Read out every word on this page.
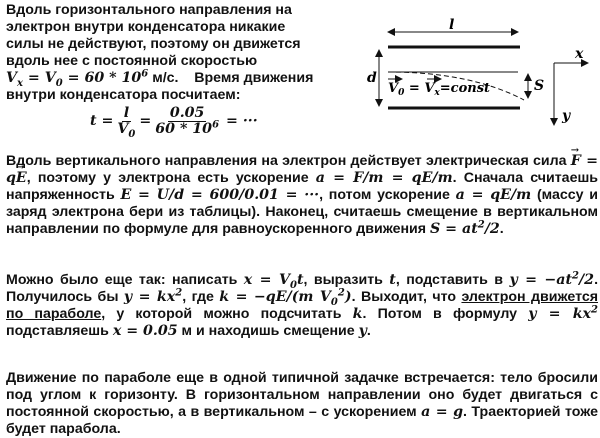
Вдоль горизонтального направления на
электрон внутри конденсатора никакие
силы не действуют, поэтому он движется
вдоль нее с постоянной скоростью
$V_x = V_0 = 60 * 10^6$ м/с. Время движения
внутри конденсатора посчитаем:
$t = \frac{l}{V_0} = \frac{0.05}{60 * 10^6}$ = ···
l
d
$V_0$ = $V_x=const$	S
x
y

Вдоль вертикального направления на электрон действует электрическая сила → F = q→ E, поэтому у электрона есть ускорение a = F/m = qE/m. Сначала считаешь напряженность E = U/d = 600/0.01 = ···, потом ускорение a = qE/m (массу и заряд электрона бери из таблицы). Наконец, считаешь смещение в вертикальном направлении по формуле для равноускоренного движения $S = at^2/2$.

Можно было еще так: написать $x = V_0t$, выразить t, подставить в $y = -at^2/2$. Получилось бы $y = kx^2$, где k = −qE/(m $V_0^2$). Выходит, что электрон движется по параболе, у которой можно подсчитать k. Потом в формулу $y = kx^2$ подставляешь x = 0.05 м и находишь смещение y.

Движение по параболе еще в одной типичной задачке встречается: тело бросили под углом к горизонту. В горизонтальном направлении оно будет двигаться с постоянной скоростью, а в вертикальном – с ускорением a = g. Траекторией тоже будет парабола.
